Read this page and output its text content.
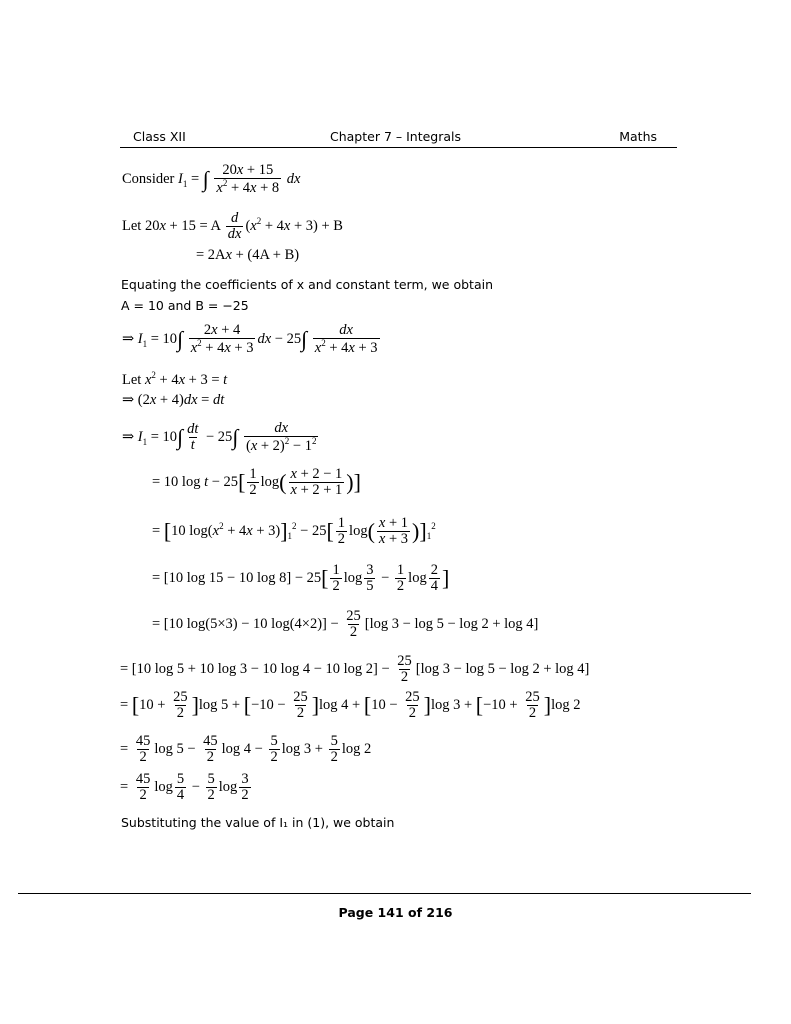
Class XII	Chapter 7 – Integrals	Maths
Consider $I_1$ = ∫ $\frac{20x + 15}{x^2 + 4x + 8}$ dx
Let 20x + 15 = A $\frac{d}{dx} (x^2 + 4x + 3) + B$
= 2Ax + (4A + B)
Equating the coefficients of x and constant term, we obtain
A = 10 and B = −25
⇒ $I_1 = 10\int \frac{2x + 4}{x^2 + 4x + 3}$ dx − $25\int \frac{dx}{x^2 + 4x + 3}$
Let $x^2 + 4x + 3 = t$
⇒ (2x + 4)dx = dt
⇒ $I_1 = 10\int \frac{dt}{t} - 25\int \frac{dx}{(x + 2)^2 - 1^2}$
= 10 $\log t - 25[ \frac{1}{2} \log( \frac{x + 2 - 1}{x + 2 + 1}$ )]
= [10 $\log(x^2 + 4x + 3)]_1^2 - 25[ \frac{1}{2} \log( \frac{x + 1}{x + 3} )]_1^2$
= [10 log 15 − 10 $\log 8] - 25[ \frac{1}{2}$ $\log \frac{3}{5} - \frac{1}{2}$ $\log \frac{2}{4}$ ]
= [10 log(5×3) − 10 $\log(4\times 2)] - \frac{25}{2} [\log$ 3 − log 5 − log 2 + log 4]
= [10 log 5 + 10 log 3 − 10 log 4 − 10 $\log 2] - \frac{25}{2} [\log$ 3 − log 5 − log 2 + log 4]
= $[10 + \frac{25}{2} ]\log$ $5 + [-10 - \frac{25}{2} ]\log$ $4 + [10 - \frac{25}{2} ]\log$ $3 + [-10 + \frac{25}{2} ]\log$ 2
= $\frac{45}{2}$ $\log 5 - \frac{45}{2}$ $\log 4 - \frac{5}{2}$ $\log 3 + \frac{5}{2}$ log 2
= $\frac{45}{2}$ $\log \frac{5}{4} - \frac{5}{2}$ $\log \frac{3}{2}$
Substituting the value of I₁ in (1), we obtain
Page 141 of 216
